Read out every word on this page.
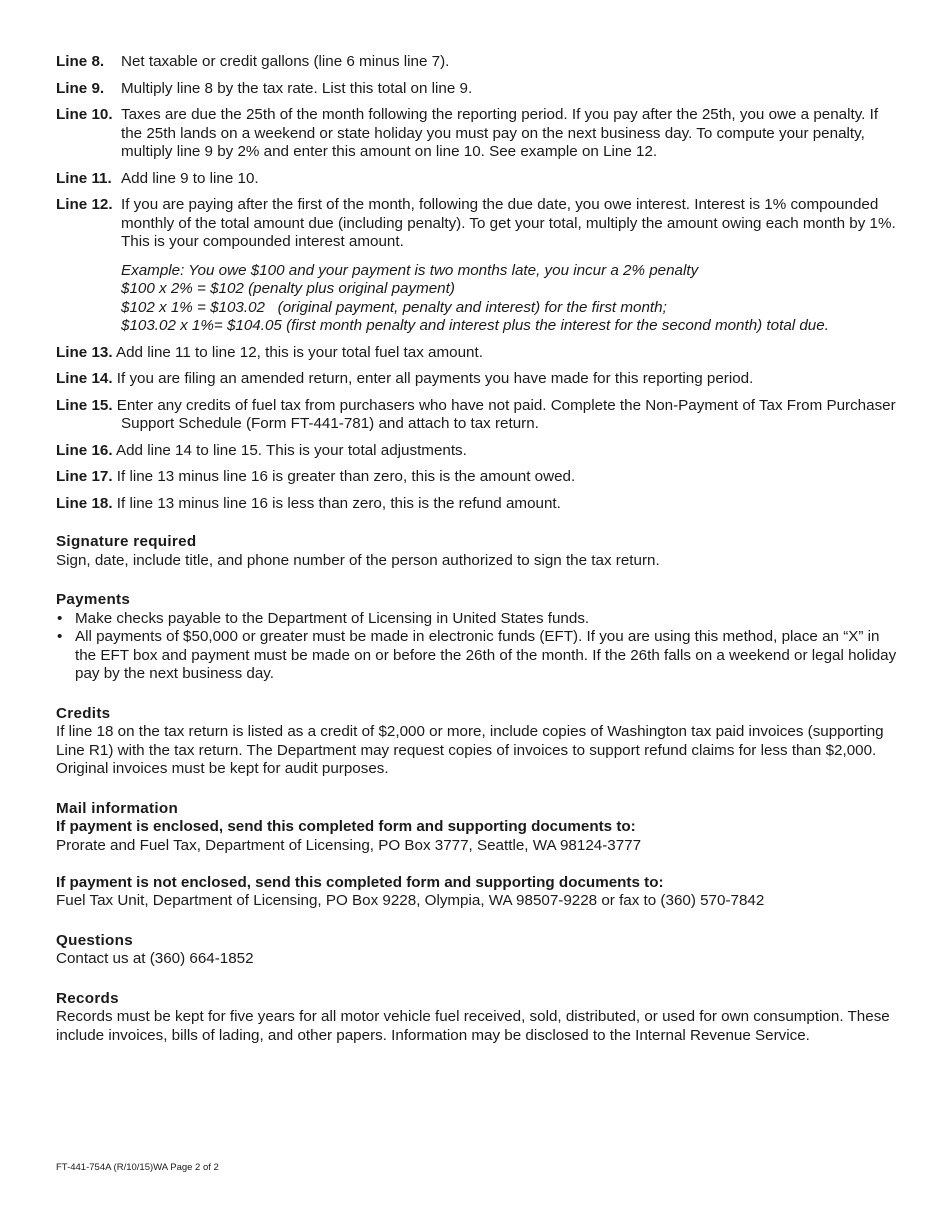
Line 8.	Net taxable or credit gallons (line 6 minus line 7).
Line 9.	Multiply line 8 by the tax rate. List this total on line 9.
Line 10. Taxes are due the 25th of the month following the reporting period. If you pay after the 25th, you owe a penalty. If the 25th lands on a weekend or state holiday you must pay on the next business day. To compute your penalty, multiply line 9 by 2% and enter this amount on line 10. See example on Line 12.
Line 11. Add line 9 to line 10.
Line 12. If you are paying after the first of the month, following the due date, you owe interest. Interest is 1% compounded monthly of the total amount due (including penalty). To get your total, multiply the amount owing each month by 1%. This is your compounded interest amount.
Example: You owe $100 and your payment is two months late, you incur a 2% penalty
$100 x 2% = $102 (penalty plus original payment)
$102 x 1% = $103.02   (original payment, penalty and interest) for the first month;
$103.02 x 1%= $104.05 (first month penalty and interest plus the interest for the second month) total due.
Line 13. Add line 11 to line 12, this is your total fuel tax amount.
Line 14. If you are filing an amended return, enter all payments you have made for this reporting period.
Line 15. Enter any credits of fuel tax from purchasers who have not paid. Complete the Non-Payment of Tax From Purchaser Support Schedule (Form FT-441-781) and attach to tax return.
Line 16. Add line 14 to line 15. This is your total adjustments.
Line 17. If line 13 minus line 16 is greater than zero, this is the amount owed.
Line 18. If line 13 minus line 16 is less than zero, this is the refund amount.
Signature required
Sign, date, include title, and phone number of the person authorized to sign the tax return.
Payments
• Make checks payable to the Department of Licensing in United States funds.
• All payments of $50,000 or greater must be made in electronic funds (EFT). If you are using this method, place an “X” in the EFT box and payment must be made on or before the 26th of the month. If the 26th falls on a weekend or legal holiday pay by the next business day.
Credits
If line 18 on the tax return is listed as a credit of $2,000 or more, include copies of Washington tax paid invoices (supporting Line R1) with the tax return. The Department may request copies of invoices to support refund claims for less than $2,000. Original invoices must be kept for audit purposes.
Mail information
If payment is enclosed, send this completed form and supporting documents to:
Prorate and Fuel Tax, Department of Licensing, PO Box 3777, Seattle, WA 98124-3777
If payment is not enclosed, send this completed form and supporting documents to:
Fuel Tax Unit, Department of Licensing, PO Box 9228, Olympia, WA 98507-9228 or fax to (360) 570-7842
Questions
Contact us at (360) 664-1852
Records
Records must be kept for five years for all motor vehicle fuel received, sold, distributed, or used for own consumption. These include invoices, bills of lading, and other papers. Information may be disclosed to the Internal Revenue Service.
FT-441-754A (R/10/15)WA Page 2 of 2
